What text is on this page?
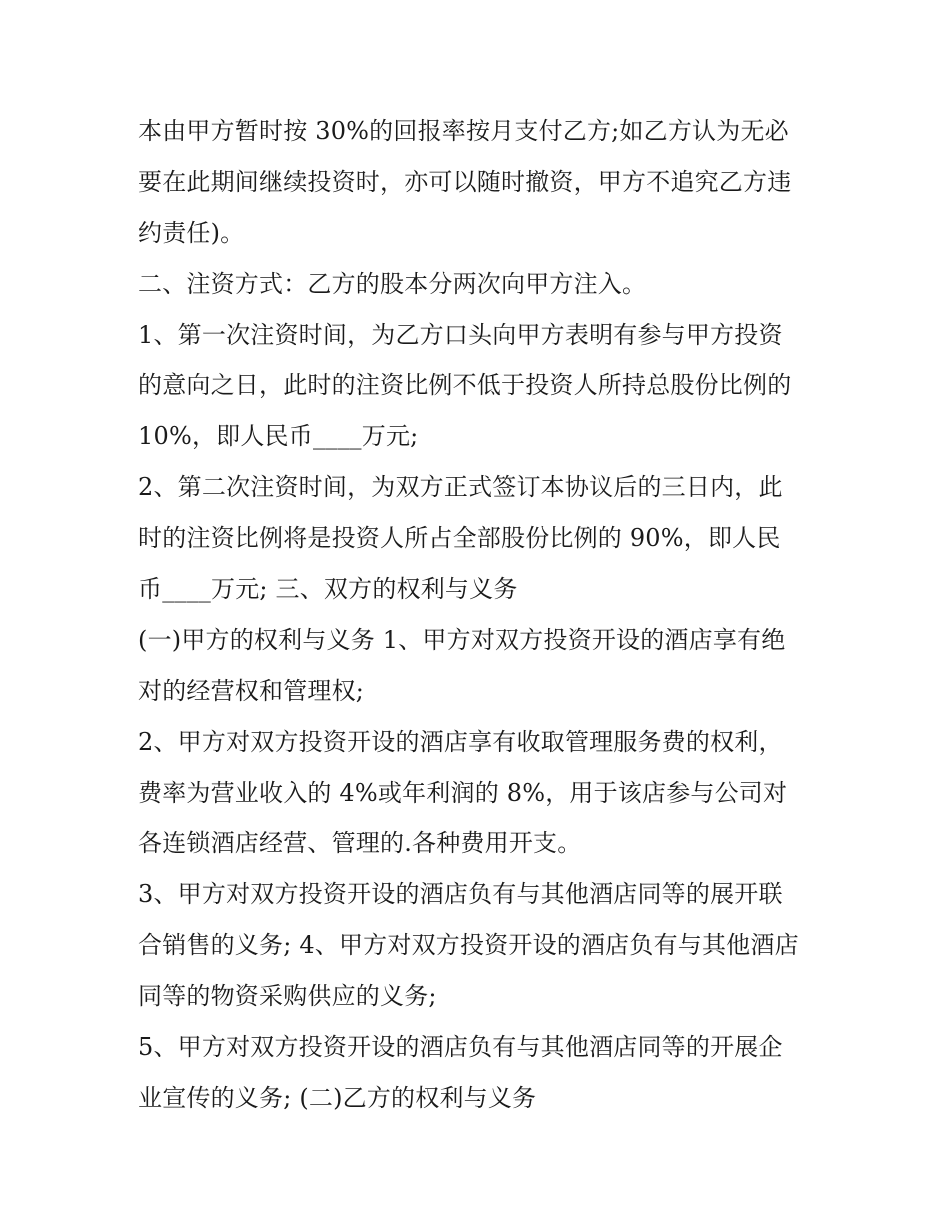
本由甲方暂时按 30%的回报率按月支付乙方;如乙方认为无必
要在此期间继续投资时，亦可以随时撤资，甲方不追究乙方违
约责任)。
二、注资方式：乙方的股本分两次向甲方注入。
1、第一次注资时间，为乙方口头向甲方表明有参与甲方投资
的意向之日，此时的注资比例不低于投资人所持总股份比例的
10%，即人民币____万元;
2、第二次注资时间，为双方正式签订本协议后的三日内，此
时的注资比例将是投资人所占全部股份比例的 90%，即人民
币____万元; 三、双方的权利与义务
(一)甲方的权利与义务 1、甲方对双方投资开设的酒店享有绝
对的经营权和管理权;
2、甲方对双方投资开设的酒店享有收取管理服务费的权利，
费率为营业收入的 4%或年利润的 8%，用于该店参与公司对
各连锁酒店经营、管理的.各种费用开支。
3、甲方对双方投资开设的酒店负有与其他酒店同等的展开联
合销售的义务; 4、甲方对双方投资开设的酒店负有与其他酒店
同等的物资采购供应的义务;
5、甲方对双方投资开设的酒店负有与其他酒店同等的开展企
业宣传的义务; (二)乙方的权利与义务
